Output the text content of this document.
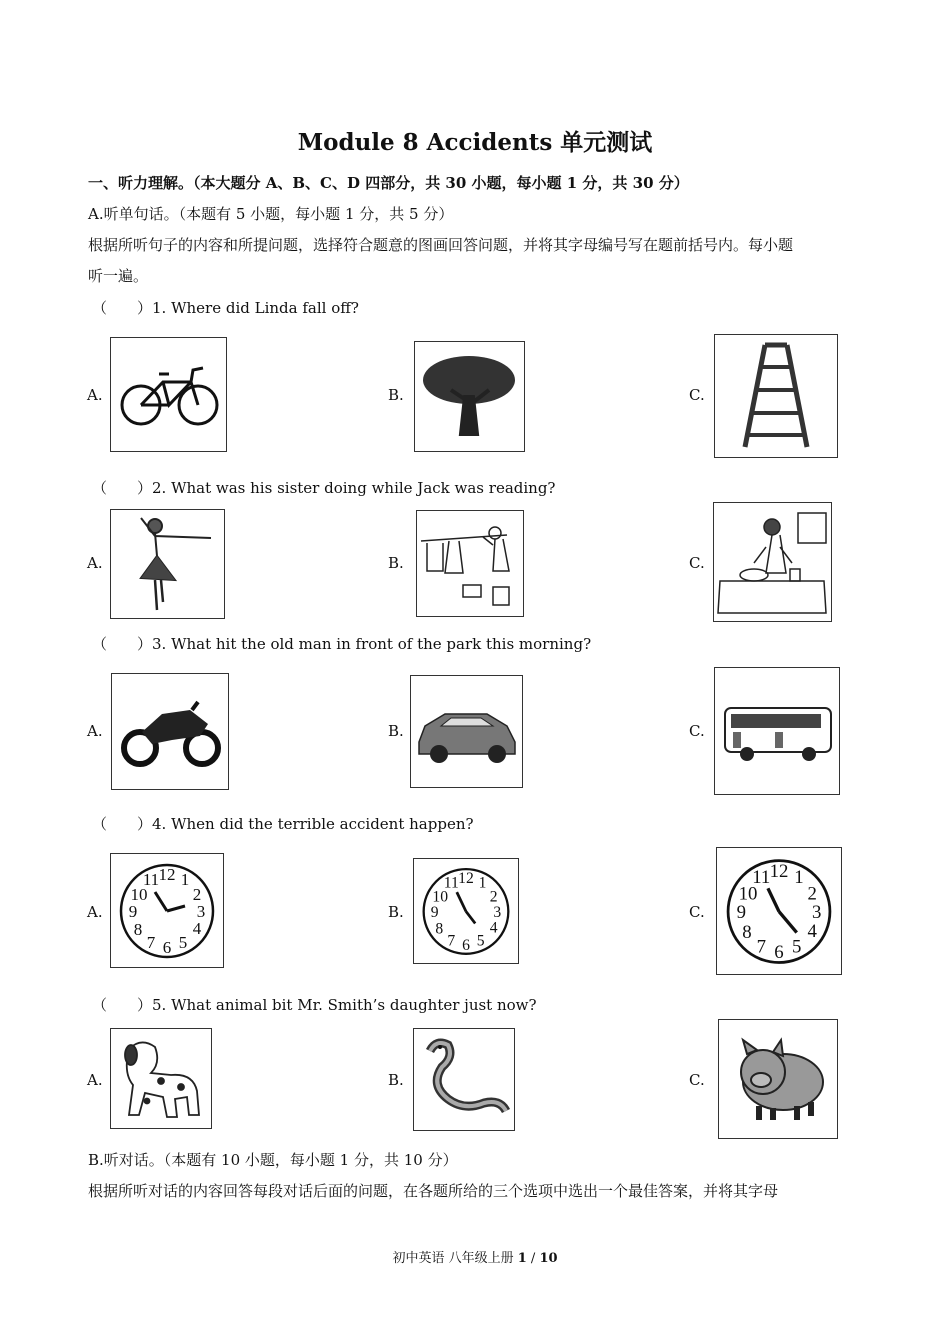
Module 8 Accidents 单元测试
一、听力理解。（本大题分 A、B、C、D 四部分，共 30 小题，每小题 1 分，共 30 分）
A.听单句话。（本题有 5 小题，每小题 1 分，共 5 分）
根据所听句子的内容和所提问题，选择符合题意的图画回答问题，并将其字母编号写在题前括号内。每小题
听一遍。
（　　）1. Where did Linda fall off?
A.	B.	C.
（　　）2. What was his sister doing while Jack was reading?
A.	B.	C.
（　　）3. What hit the old man in front of the park this morning?
A.	B.	C.
（　　）4. When did the terrible accident happen?
A.
12 1
2
3
4
5
6
7
8
9
10
11
B.
12 1
2
3
4
5
6
7
8
9
10
11
C.
12 1
2
3
4
5
6
7
8
9
10
11
（　　）5. What animal bit Mr. Smith’s daughter just now?
A.	B.	C.
B.听对话。（本题有 10 小题，每小题 1 分，共 10 分）
根据所听对话的内容回答每段对话后面的问题，在各题所给的三个选项中选出一个最佳答案，并将其字母
初中英语 八年级上册 1 / 10
